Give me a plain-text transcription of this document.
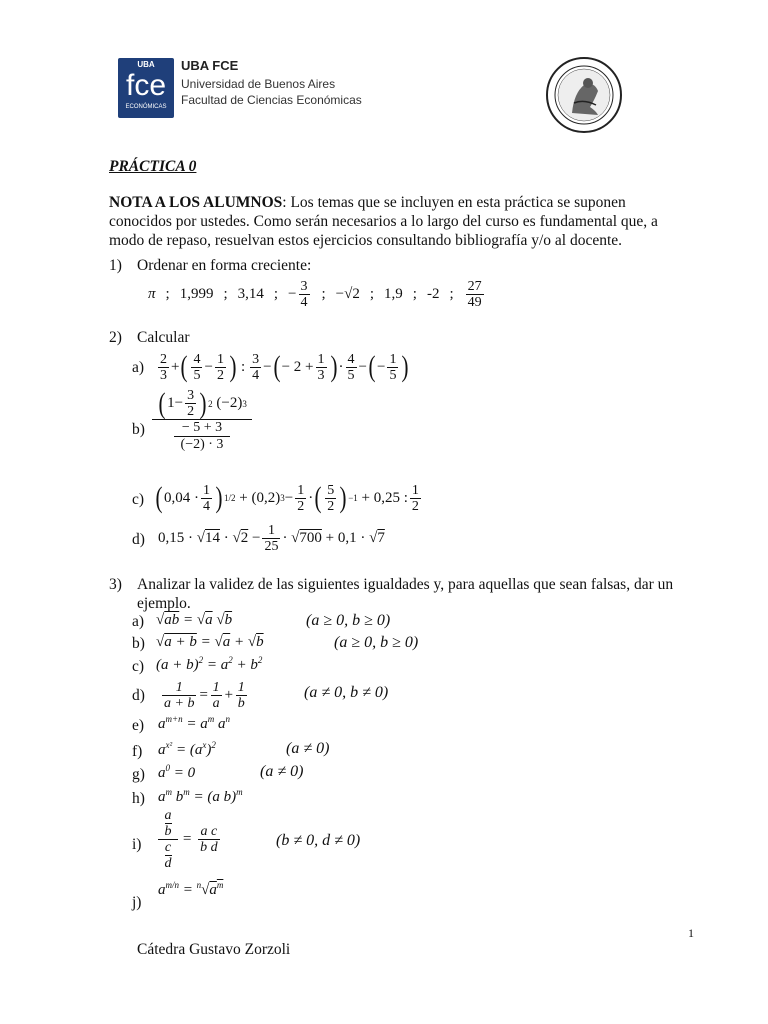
UBA
fce
ECONÓMICAS
UBA FCE
Universidad de Buenos Aires
Facultad de Ciencias Económicas
PRÁCTICA 0
NOTA A LOS ALUMNOS: Los temas que se incluyen en esta práctica se suponen
conocidos por ustedes. Como serán necesarios a lo largo del curso es fundamental que, a
modo de repaso, resuelvan estos ejercicios consultando bibliografía y/o al docente.
1) Ordenar en forma creciente:
π ; 1,999 ; 3,14 ; − $\frac{3}{4}$ ; −√2 ; 1,9 ; -2 ; $\frac{27}{49}$
2) Calcular
$a) \frac{2}{3}$ + ( $\frac{4}{5} - \frac{1}{2}$ ) : $\frac{3}{4}$ − ( − $2 + \frac{1}{3}$ ) · $\frac{4}{5}$ − ( − $\frac{1}{5}$ )
b)
( $1- \frac{3}{2}$ ) 2 (−2) 3
− 5 + 3
(−2) · 3
c) ( $0,04 \cdot \frac{1}{4}$ ) 1/2 + (0,2) $3 - \frac{1}{2}$ · ( $\frac{5}{2}$ ) −1 + 0,25 : $\frac{1}{2}$
d) 0,15 · √ 14 · √ $2 - \frac{1}{25}$ · √ 700 + 0,1 · √ 7
3) Analizar la validez de las siguientes igualdades y, para aquellas que sean falsas, dar un
ejemplo.
a) √ab = √a √b	(a ≥ 0, b ≥ 0)
b) √a + b = √a + √b	(a ≥ 0, b ≥ 0)
c) $(a + b)^2 = a^2 + b^2$
$d) \frac{1}{a + b} = \frac{1}{a} + \frac{1}{b}$	(a ≠ 0, b ≠ 0)
e) $a^{m+n} = a^m$ $a^n$
f) $a^{x^2} = (a^x)^2$	(a ≠ 0)
g) $a^0 = 0$	(a ≠ 0)
h) $a^m$ $b^m = (a$ b)$^m$
i)
a
b
c
d
= $\frac{\text{a c}}{\text{b d}}$	(b ≠ 0, d ≠ 0)
j)
$a^{m/n} = ^n√a^m$
1
Cátedra Gustavo Zorzoli
